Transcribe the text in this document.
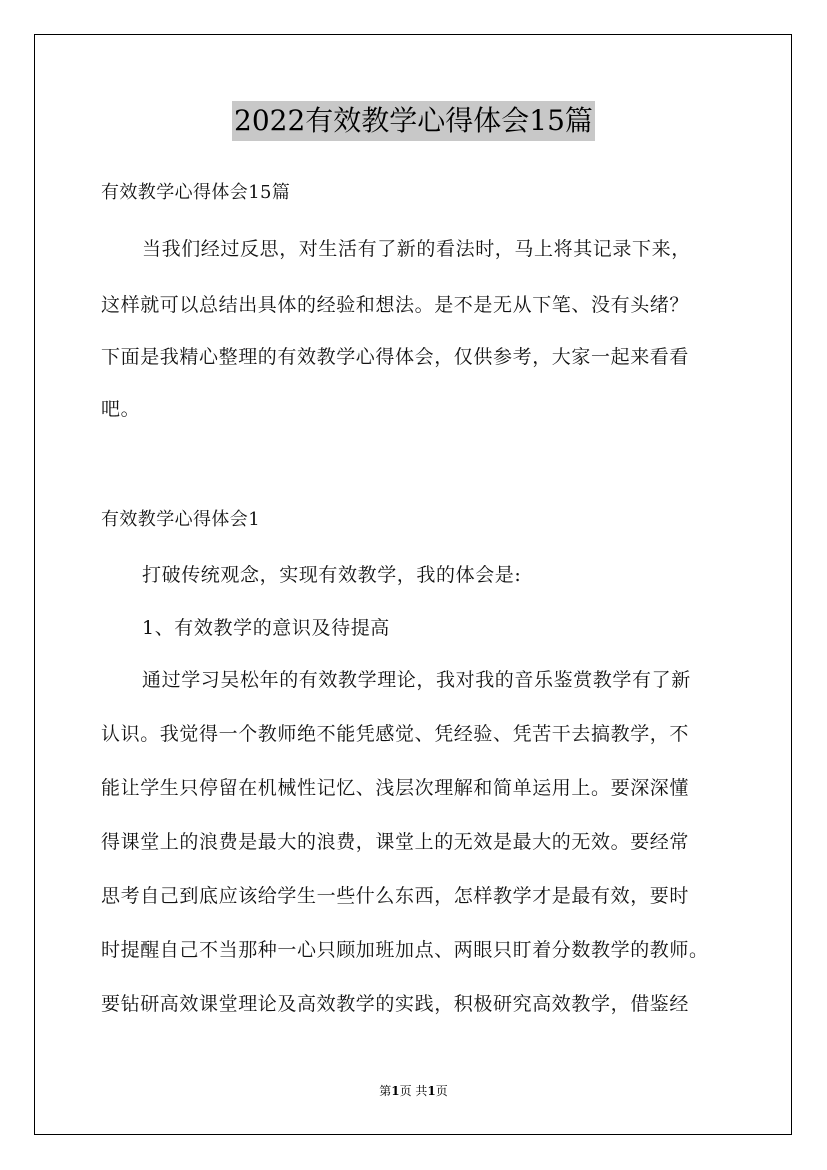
2022有效教学心得体会15篇
有效教学心得体会15篇
当我们经过反思，对生活有了新的看法时，马上将其记录下来，
这样就可以总结出具体的经验和想法。是不是无从下笔、没有头绪？
下面是我精心整理的有效教学心得体会，仅供参考，大家一起来看看
吧。
有效教学心得体会1
打破传统观念，实现有效教学，我的体会是:
1、有效教学的意识及待提高
通过学习吴松年的有效教学理论，我对我的音乐鉴赏教学有了新
认识。我觉得一个教师绝不能凭感觉、凭经验、凭苦干去搞教学，不
能让学生只停留在机械性记忆、浅层次理解和简单运用上。要深深懂
得课堂上的浪费是最大的浪费，课堂上的无效是最大的无效。要经常
思考自己到底应该给学生一些什么东西，怎样教学才是最有效，要时
时提醒自己不当那种一心只顾加班加点、两眼只盯着分数教学的教师。
要钻研高效课堂理论及高效教学的实践，积极研究高效教学，借鉴经
第1页 共1页
